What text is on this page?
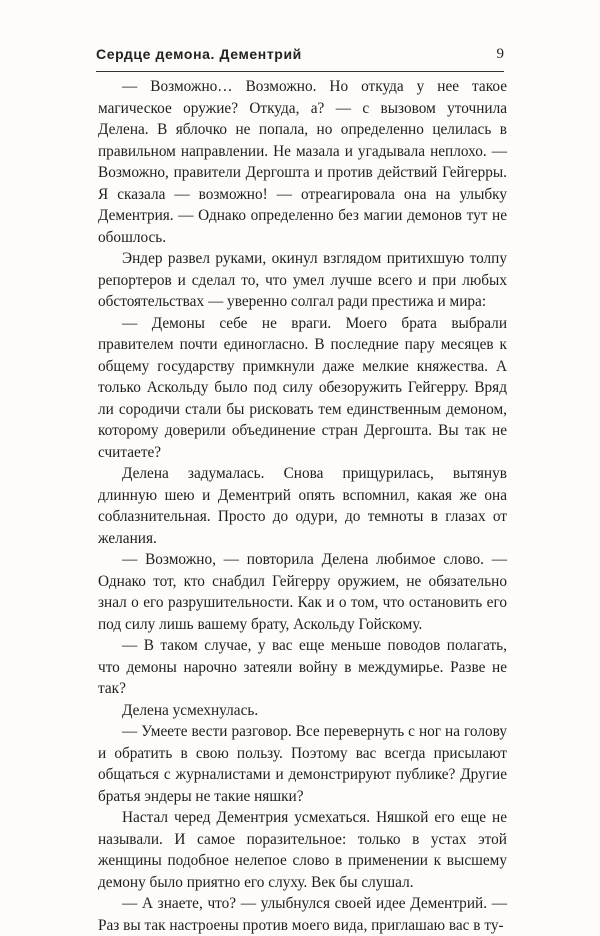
Сердце демона. Дементрий	9

— Возможно… Возможно. Но откуда у нее такое магическое оружие? Откуда, а? — с вызовом уточнила Делена. В яблочко не попала, но определенно целилась в правильном направлении. Не мазала и угадывала неплохо. — Возможно, правители Дергошта и против действий Гейгерры. Я сказала — возможно! — отреагировала она на улыбку Дементрия. — Однако определенно без магии демонов тут не обошлось.

Эндер развел руками, окинул взглядом притихшую толпу репортеров и сделал то, что умел лучше всего и при любых обстоятельствах — уверенно солгал ради престижа и мира:

— Демоны себе не враги. Моего брата выбрали правителем почти единогласно. В последние пару месяцев к общему государству примкнули даже мелкие княжества. А только Аскольду было под силу обезоружить Гейгерру. Вряд ли сородичи стали бы рисковать тем единственным демоном, которому доверили объединение стран Дергошта. Вы так не считаете?

Делена задумалась. Снова прищурилась, вытянув длинную шею и Дементрий опять вспомнил, какая же она соблазнительная. Просто до одури, до темноты в глазах от желания.

— Возможно, — повторила Делена любимое слово. — Однако тот, кто снабдил Гейгерру оружием, не обязательно знал о его разрушительности. Как и о том, что остановить его под силу лишь вашему брату, Аскольду Гойскому.

— В таком случае, у вас еще меньше поводов полагать, что демоны нарочно затеяли войну в междумирье. Разве не так?

Делена усмехнулась.

— Умеете вести разговор. Все перевернуть с ног на голову и обратить в свою пользу. Поэтому вас всегда присылают общаться с журналистами и демонстрируют публике? Другие братья эндеры не такие няшки?

Настал черед Дементрия усмехаться. Няшкой его еще не называли. И самое поразительное: только в устах этой женщины подобное нелепое слово в применении к высшему демону было приятно его слуху. Век бы слушал.

— А знаете, что? — улыбнулся своей идее Дементрий. — Раз вы так настроены против моего вида, приглашаю вас в ту-
